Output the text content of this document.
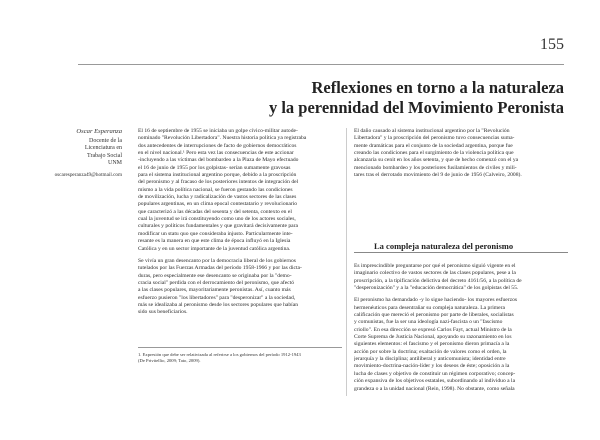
155
Reflexiones en torno a la naturaleza
y la perennidad del Movimiento Peronista
Oscar Esperanza
Docente de la
Licenciatura en
Trabajo Social
UNM
oscaresperanza49@hotmail.com

El 16 de septiembre de 1955 se iniciaba un golpe cívico-militar autode-
nominado "Revolución Libertadora". Nuestra historia política ya registraba
dos antecedentes de interrupciones de facto de gobiernos democráticos
en el nivel nacional.¹ Pero esta vez las consecuencias de este accionar
-incluyendo a las víctimas del bombardeo a la Plaza de Mayo efectuado
el 16 de junio de 1955 por los golpistas- serían sumamente gravosas
para el sistema institucional argentino porque, debido a la proscripción
del peronismo y al fracaso de los posteriores intentos de integración del
mismo a la vida política nacional, se fueron gestando las condiciones
de movilización, lucha y radicalización de vastos sectores de las clases
populares argentinas, en un clima epocal contestatario y revolucionario
que caracterizó a las décadas del sesenta y del setenta, contexto en el
cual la juventud se irá constituyendo como uno de los actores sociales,
culturales y políticos fundamentales y que gravitará decisivamente para
modificar un statu quo que consideraba injusto. Particularmente inte-
resante es la manera en que este clima de época influyó en la Iglesia
Católica y en un sector importante de la juventud católica argentina.

Se vivía un gran desencanto por la democracia liberal de los gobiernos
tutelados por las Fuerzas Armadas del período 1958-1966 y por las dicta-
duras, pero especialmente ese desencanto se originaba por la "demo-
cracia social" perdida con el derrocamiento del peronismo, que afectó
a las clases populares, mayoritariamente peronistas. Así, cuanto más
esfuerzo pusieron "los libertadores" para "desperonizar" a la sociedad,
más se idealizaba al peronismo desde los sectores populares que habían
sido sus beneficiarios.

1. Expresión que debe ser relativizada al referirse a los gobiernos del período 1912-1943
(De Privitellio, 2009; Tato, 2009).

El daño causado al sistema institucional argentino por la "Revolución
Libertadora" y la proscripción del peronismo tuvo consecuencias suma-
mente dramáticas para el conjunto de la sociedad argentina, porque fue
creando las condiciones para el surgimiento de la violencia política que
alcanzaría su cenit en los años setenta, y que de hecho comenzó con el ya
mencionado bombardeo y los posteriores fusilamientos de civiles y mili-
tares tras el derrotado movimiento del 9 de junio de 1956 (Calveiro, 2008).

La compleja naturaleza del peronismo

Es imprescindible preguntarse por qué el peronismo siguió vigente en el
imaginario colectivo de vastos sectores de las clases populares, pese a la
proscripción, a la tipificación delictiva del decreto 4161/56, a la política de
"desperonización" y a la "educación democrática" de los golpistas del 55.

El peronismo ha demandado -y lo sigue haciendo- los mayores esfuerzos
hermenéuticos para desentrañar su compleja naturaleza. La primera
calificación que mereció el peronismo por parte de liberales, socialistas
y comunistas, fue la ser una ideología nazi-fascista o un "fascismo
criollo". En esa dirección se expresó Carlos Fayt, actual Ministro de la
Corte Suprema de Justicia Nacional, apoyando su razonamiento en los
siguientes elementos: el fascismo y el peronismo dieron primacía a la
acción por sobre la doctrina; exaltación de valores como el orden, la
jerarquía y la disciplina; antiliberal y anticomunista; identidad entre
movimiento-doctrina-nación-líder y los deseos de éste; oposición a la
lucha de clases y objetivo de constituir un régimen corporativo; concep-
ción expansiva de los objetivos estatales, subordinando al individuo a la
grandeza o a la unidad nacional (Rein, 1998). No obstante, como señala
